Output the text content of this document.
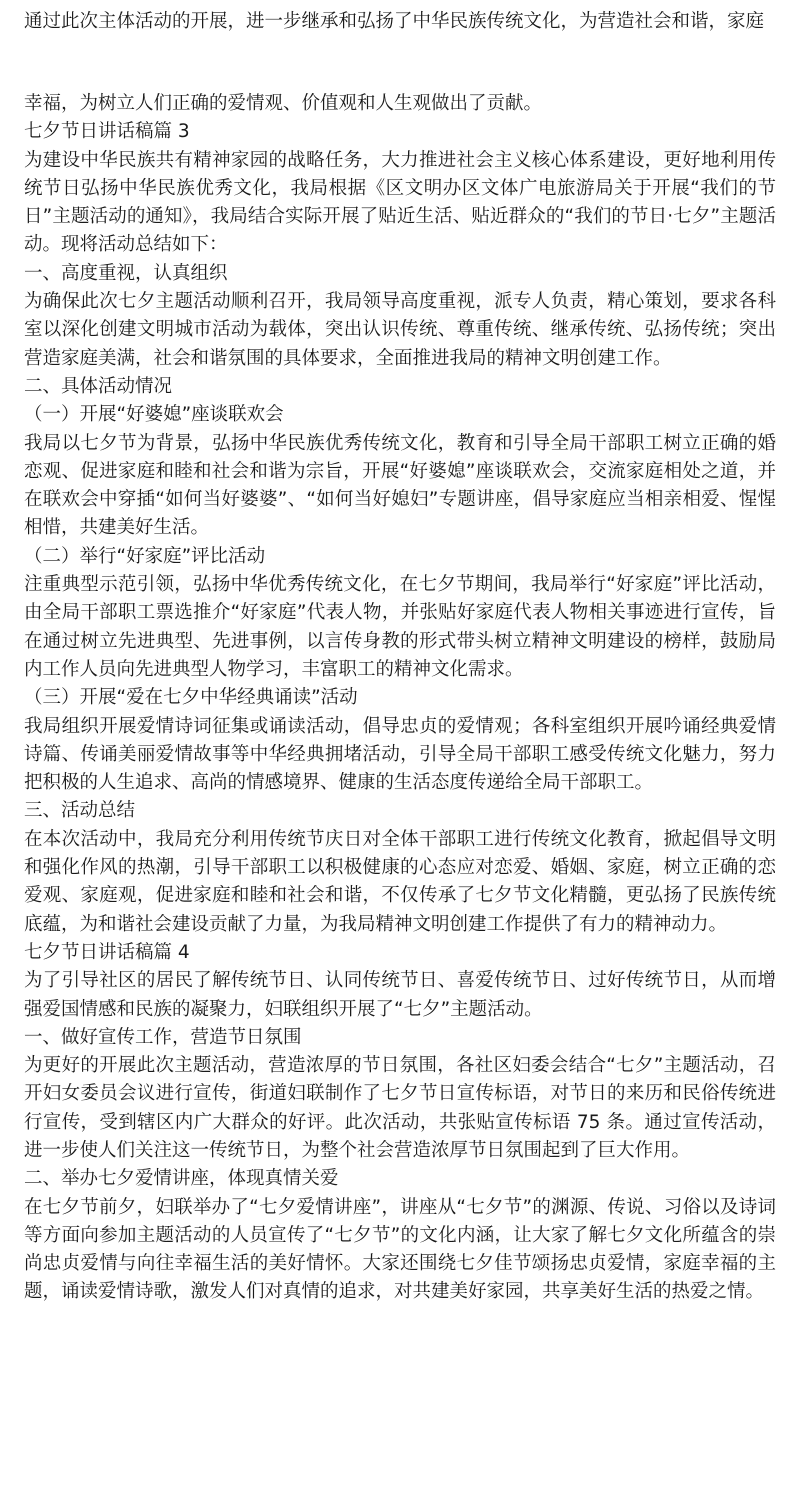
通过此次主体活动的开展，进一步继承和弘扬了中华民族传统文化，为营造社会和谐，家庭
幸福，为树立人们正确的爱情观、价值观和人生观做出了贡献。
七夕节日讲话稿篇 3
为建设中华民族共有精神家园的战略任务，大力推进社会主义核心体系建设，更好地利用传
统节日弘扬中华民族优秀文化，我局根据《区文明办区文体广电旅游局关于开展“我们的节
日”主题活动的通知》，我局结合实际开展了贴近生活、贴近群众的“我们的节日·七夕”主题活
动。现将活动总结如下：
一、高度重视，认真组织
为确保此次七夕主题活动顺利召开，我局领导高度重视，派专人负责，精心策划，要求各科
室以深化创建文明城市活动为载体，突出认识传统、尊重传统、继承传统、弘扬传统；突出
营造家庭美满，社会和谐氛围的具体要求，全面推进我局的精神文明创建工作。
二、具体活动情况
（一）开展“好婆媳”座谈联欢会
我局以七夕节为背景，弘扬中华民族优秀传统文化，教育和引导全局干部职工树立正确的婚
恋观、促进家庭和睦和社会和谐为宗旨，开展“好婆媳”座谈联欢会，交流家庭相处之道，并
在联欢会中穿插“如何当好婆婆”、“如何当好媳妇”专题讲座，倡导家庭应当相亲相爱、惺惺
相惜，共建美好生活。
（二）举行“好家庭”评比活动
注重典型示范引领，弘扬中华优秀传统文化，在七夕节期间，我局举行“好家庭”评比活动，
由全局干部职工票选推介“好家庭”代表人物，并张贴好家庭代表人物相关事迹进行宣传，旨
在通过树立先进典型、先进事例，以言传身教的形式带头树立精神文明建设的榜样，鼓励局
内工作人员向先进典型人物学习，丰富职工的精神文化需求。
（三）开展“爱在七夕中华经典诵读”活动
我局组织开展爱情诗词征集或诵读活动，倡导忠贞的爱情观；各科室组织开展吟诵经典爱情
诗篇、传诵美丽爱情故事等中华经典拥堵活动，引导全局干部职工感受传统文化魅力，努力
把积极的人生追求、高尚的情感境界、健康的生活态度传递给全局干部职工。
三、活动总结
在本次活动中，我局充分利用传统节庆日对全体干部职工进行传统文化教育，掀起倡导文明
和强化作风的热潮，引导干部职工以积极健康的心态应对恋爱、婚姻、家庭，树立正确的恋
爱观、家庭观，促进家庭和睦和社会和谐，不仅传承了七夕节文化精髓，更弘扬了民族传统
底蕴，为和谐社会建设贡献了力量，为我局精神文明创建工作提供了有力的精神动力。
七夕节日讲话稿篇 4
为了引导社区的居民了解传统节日、认同传统节日、喜爱传统节日、过好传统节日，从而增
强爱国情感和民族的凝聚力，妇联组织开展了“七夕”主题活动。
一、做好宣传工作，营造节日氛围
为更好的开展此次主题活动，营造浓厚的节日氛围，各社区妇委会结合“七夕”主题活动，召
开妇女委员会议进行宣传，街道妇联制作了七夕节日宣传标语，对节日的来历和民俗传统进
行宣传，受到辖区内广大群众的好评。此次活动，共张贴宣传标语 75 条。通过宣传活动，
进一步使人们关注这一传统节日，为整个社会营造浓厚节日氛围起到了巨大作用。
二、举办七夕爱情讲座，体现真情关爱
在七夕节前夕，妇联举办了“七夕爱情讲座”，讲座从“七夕节”的渊源、传说、习俗以及诗词
等方面向参加主题活动的人员宣传了“七夕节”的文化内涵，让大家了解七夕文化所蕴含的崇
尚忠贞爱情与向往幸福生活的美好情怀。大家还围绕七夕佳节颂扬忠贞爱情，家庭幸福的主
题，诵读爱情诗歌，激发人们对真情的追求，对共建美好家园，共享美好生活的热爱之情。
